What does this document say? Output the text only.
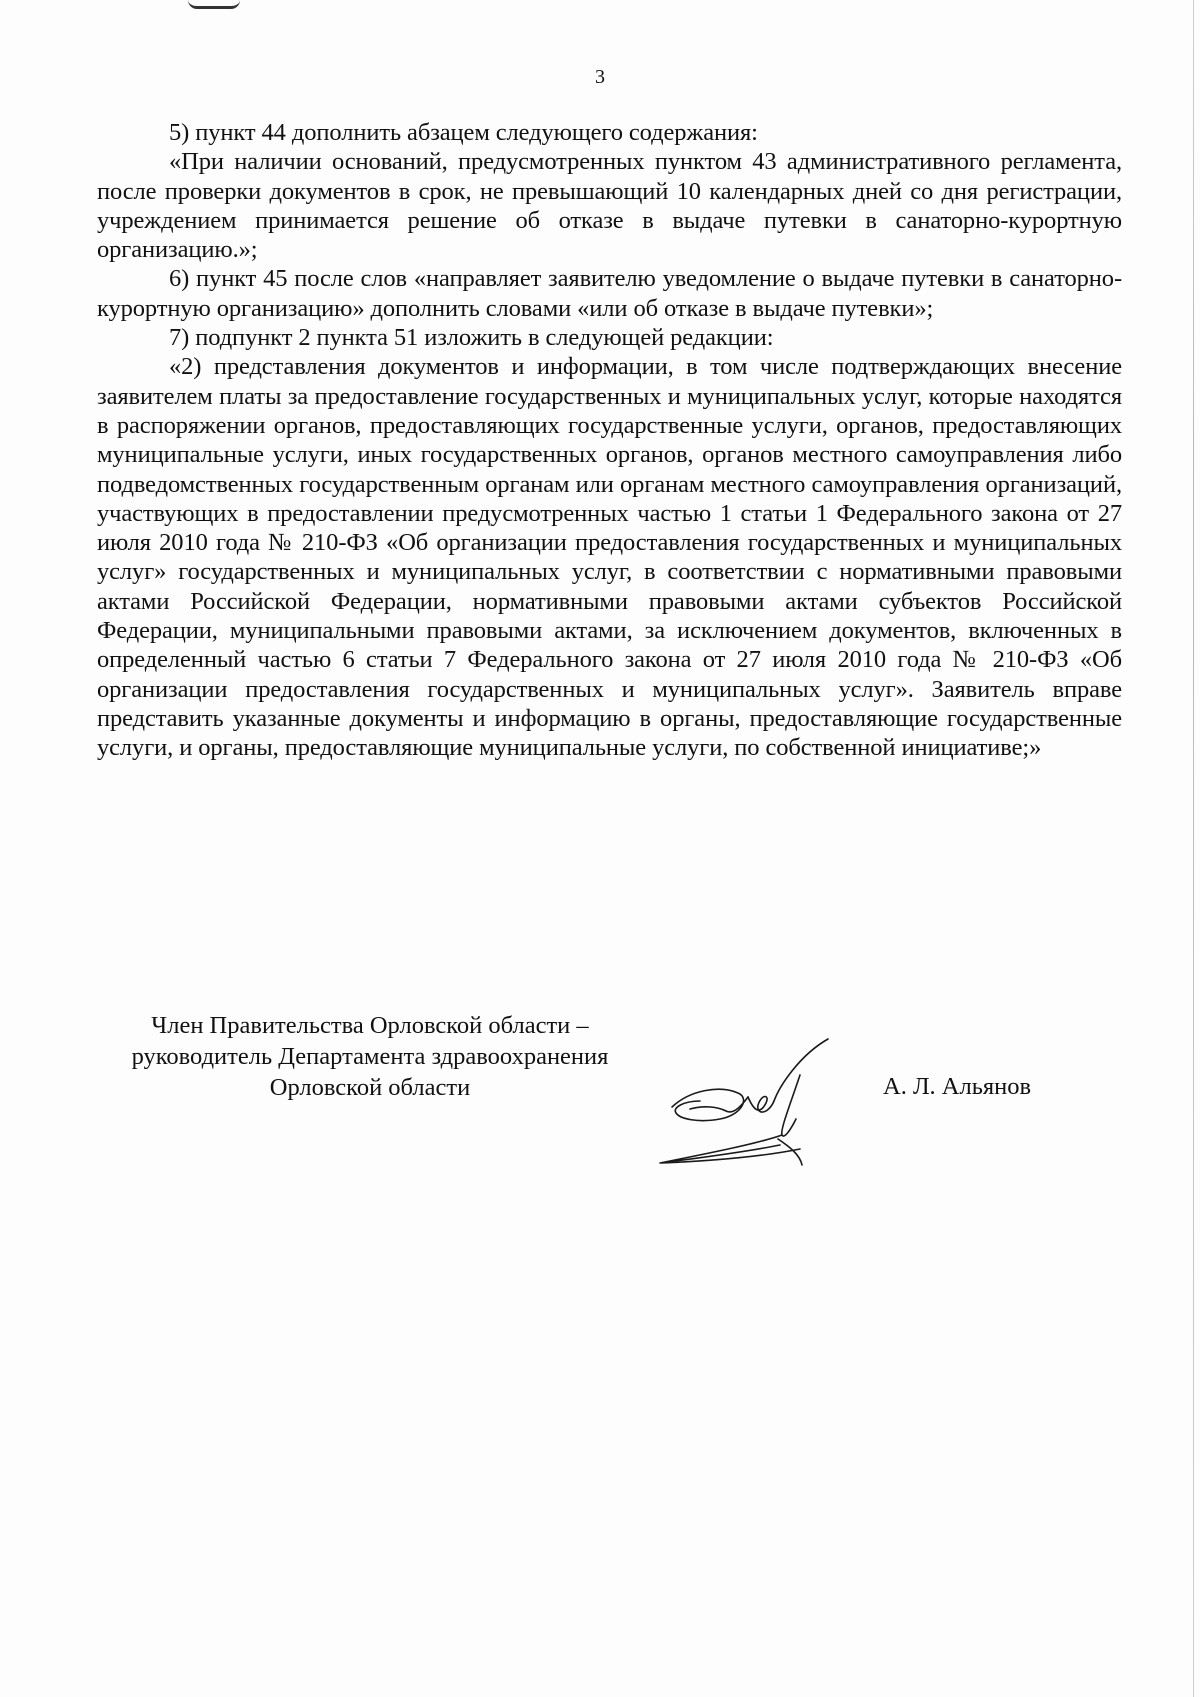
3

5) пункт 44 дополнить абзацем следующего содержания:

«При наличии оснований, предусмотренных пунктом 43 административного регламента, после проверки документов в срок, не превышающий 10 календарных дней со дня регистрации, учреждением принимается решение об отказе в выдаче путевки в санаторно-курортную организацию.»;

6) пункт 45 после слов «направляет заявителю уведомление о выдаче путевки в санаторно-курортную организацию» дополнить словами «или об отказе в выдаче путевки»;

7) подпункт 2 пункта 51 изложить в следующей редакции:

«2) представления документов и информации, в том числе подтверждающих внесение заявителем платы за предоставление государственных и муниципальных услуг, которые находятся в распоряжении органов, предоставляющих государственные услуги, органов, предоставляющих муниципальные услуги, иных государственных органов, органов местного самоуправления либо подведомственных государственным органам или органам местного самоуправления организаций, участвующих в предоставлении предусмотренных частью 1 статьи 1 Федерального закона от 27 июля 2010 года № 210-ФЗ «Об организации предоставления государственных и муниципальных услуг» государственных и муниципальных услуг, в соответствии с нормативными правовыми актами Российской Федерации, нормативными правовыми актами субъектов Российской Федерации, муниципальными правовыми актами, за исключением документов, включенных в определенный частью 6 статьи 7 Федерального закона от 27 июля 2010 года № 210-ФЗ «Об организации предоставления государственных и муниципальных услуг». Заявитель вправе представить указанные документы и информацию в органы, предоставляющие государственные услуги, и органы, предоставляющие муниципальные услуги, по собственной инициативе;»

Член Правительства Орловской области –
руководитель Департамента здравоохранения
Орловской области	А. Л. Альянов
